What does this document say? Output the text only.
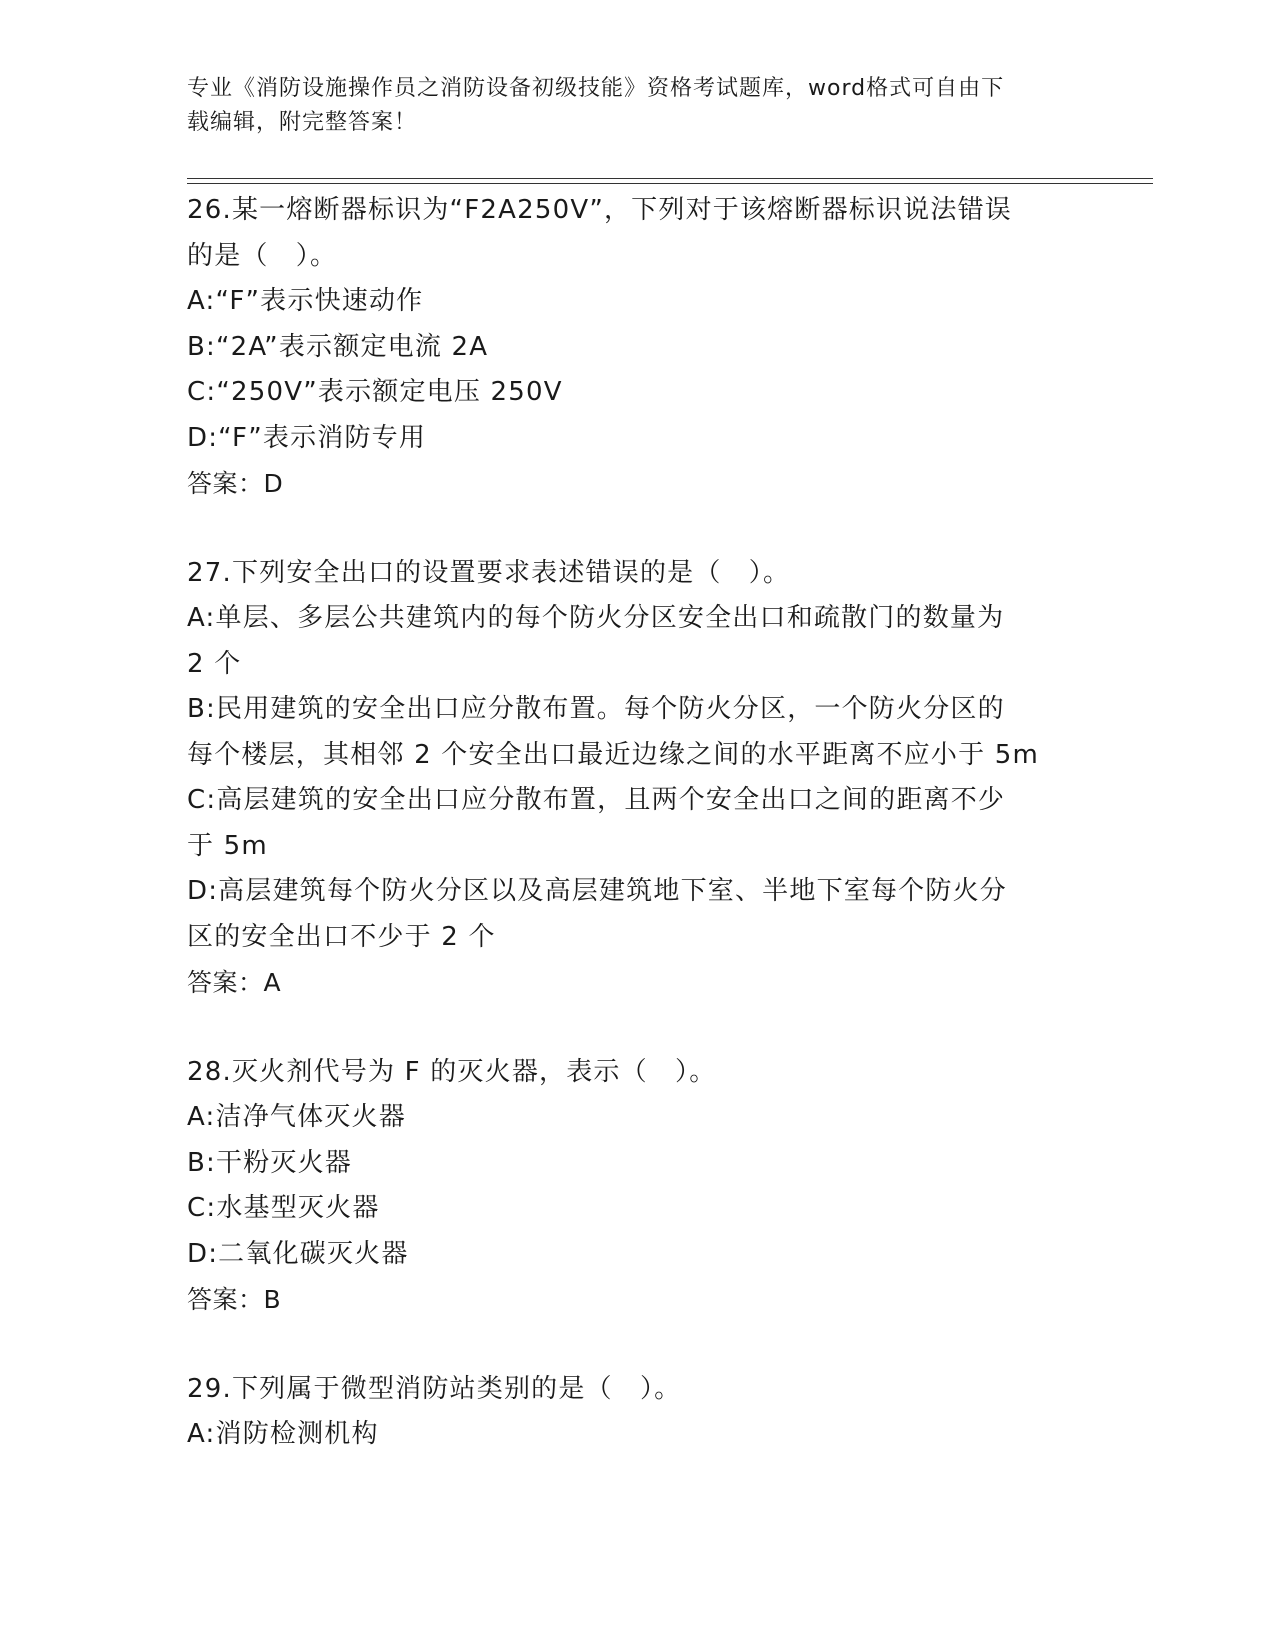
专业《消防设施操作员之消防设备初级技能》资格考试题库，word格式可自由下
载编辑，附完整答案！
26.某一熔断器标识为“F2A250V”，下列对于该熔断器标识说法错误
的是（　）。
A:“F”表示快速动作
B:“2A”表示额定电流 2A
C:“250V”表示额定电压 250V
D:“F”表示消防专用
答案：D
27.下列安全出口的设置要求表述错误的是（　）。
A:单层、多层公共建筑内的每个防火分区安全出口和疏散门的数量为
2 个
B:民用建筑的安全出口应分散布置。每个防火分区，一个防火分区的
每个楼层，其相邻 2 个安全出口最近边缘之间的水平距离不应小于 5m
C:高层建筑的安全出口应分散布置，且两个安全出口之间的距离不少
于 5m
D:高层建筑每个防火分区以及高层建筑地下室、半地下室每个防火分
区的安全出口不少于 2 个
答案：A
28.灭火剂代号为 F 的灭火器，表示（　）。
A:洁净气体灭火器
B:干粉灭火器
C:水基型灭火器
D:二氧化碳灭火器
答案：B
29.下列属于微型消防站类别的是（　）。
A:消防检测机构
